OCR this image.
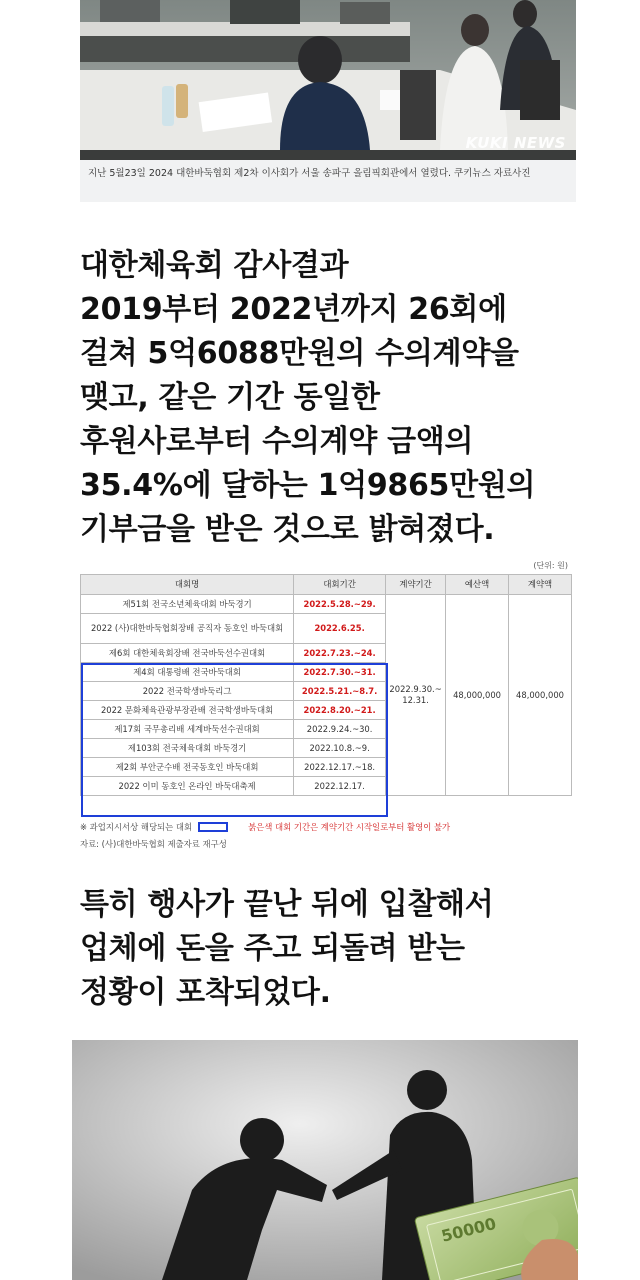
KUKI NEWS
지난 5월23일 2024 대한바둑협회 제2차 이사회가 서울 송파구 올림픽회관에서 열렸다. 쿠키뉴스 자료사진
대한체육회 감사결과
2019부터 2022년까지 26회에
걸쳐 5억6088만원의 수의계약을
맺고, 같은 기간 동일한
후원사로부터 수의계약 금액의
35.4%에 달하는 1억9865만원의
기부금을 받은 것으로 밝혀졌다.
(단위: 원)
대회명	대회기간	계약기간	예산액	계약액
제51회 전국소년체육대회 바둑경기	2022.5.28.~29.	2022.9.30.~ 12.31.	48,000,000	48,000,000
2022 (사)대한바둑협회장배 공직자 동호인 바둑대회	2022.6.25.			
제6회 대한체육회장배 전국바둑선수권대회	2022.7.23.~24.			
제4회 대통령배 전국바둑대회	2022.7.30.~31.			
2022 전국학생바둑리그	2022.5.21.~8.7.			
2022 문화체육관광부장관배 전국학생바둑대회	2022.8.20.~21.			
제17회 국무총리배 세계바둑선수권대회	2022.9.24.~30.			
제103회 전국체육대회 바둑경기	2022.10.8.~9.			
제2회 부안군수배 전국동호인 바둑대회	2022.12.17.~18.			
2022 이미 동호인 온라인 바둑대축제	2022.12.17.			
※ 과업지시서상 해당되는 대회	붉은색 대회 기간은 계약기간 시작일로부터 활영이 불가
자료: (사)대한바둑협회 제출자료 재구성
특히 행사가 끝난 뒤에 입찰해서
업체에 돈을 주고 되돌려 받는
정황이 포착되었다.
50000
